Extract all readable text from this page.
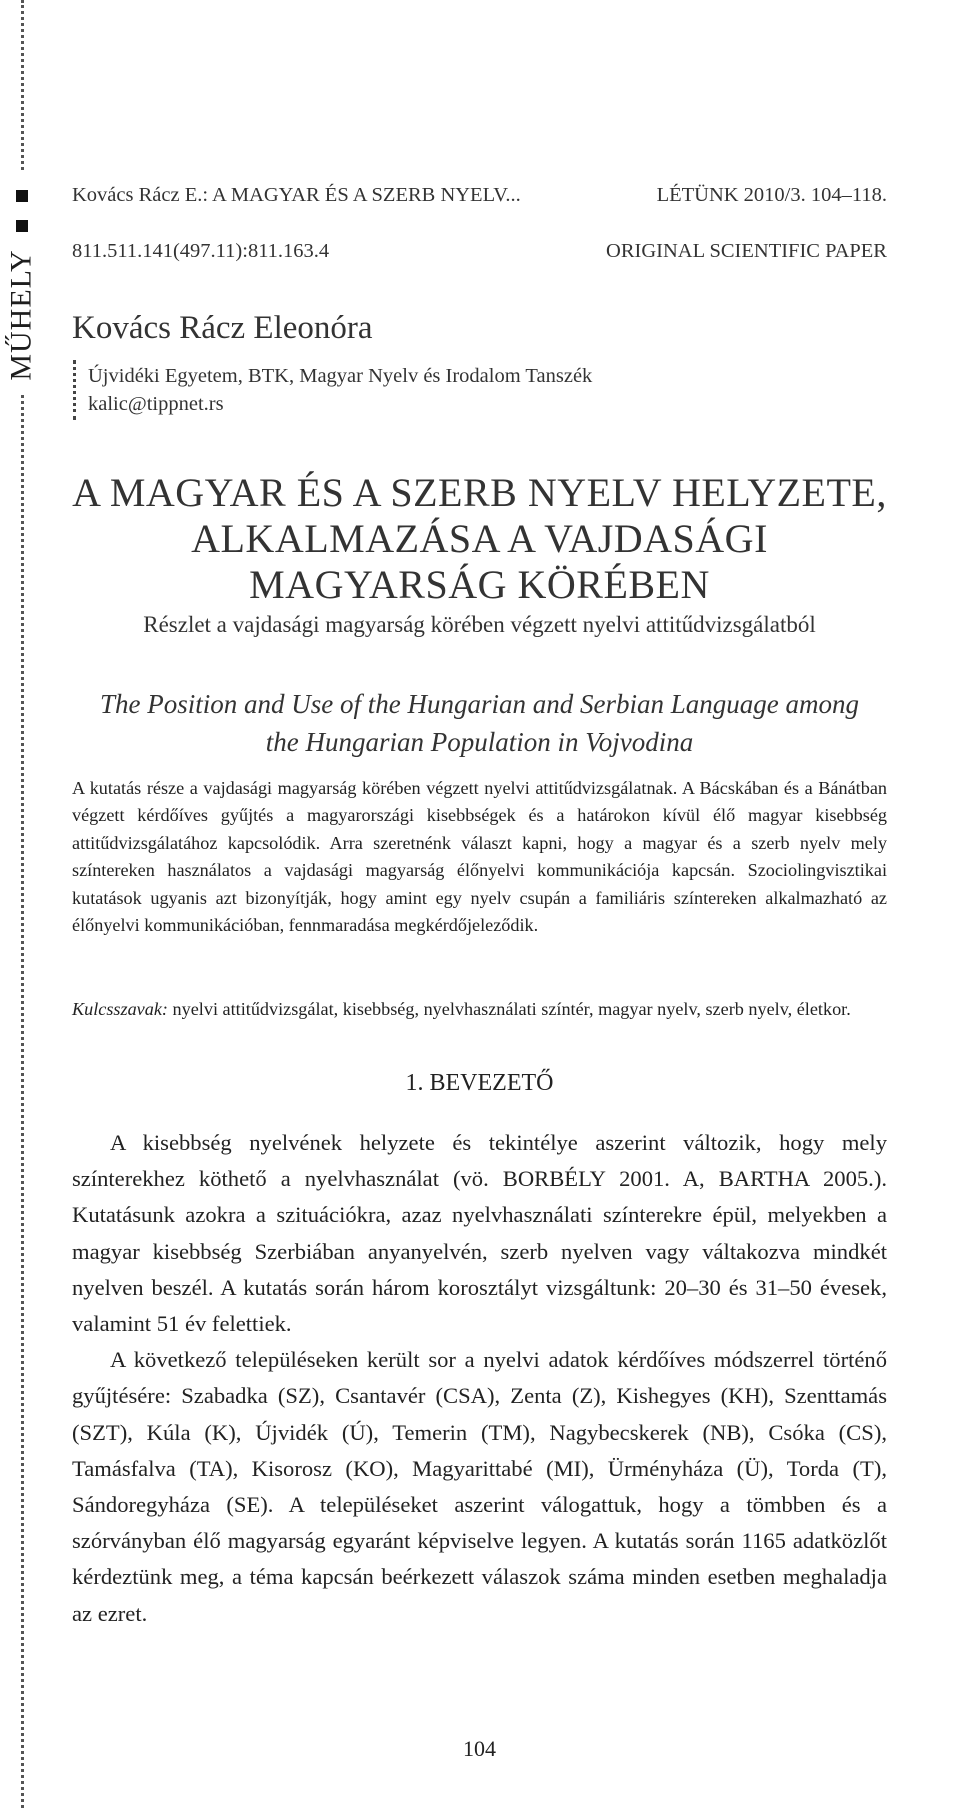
MŰHELY
Kovács Rácz E.: A MAGYAR ÉS A SZERB NYELV...	LÉTÜNK 2010/3. 104–118.
811.511.141(497.11):811.163.4	ORIGINAL SCIENTIFIC PAPER
Kovács Rácz Eleonóra
Újvidéki Egyetem, BTK, Magyar Nyelv és Irodalom Tanszék
kalic@tippnet.rs
A MAGYAR ÉS A SZERB NYELV HELYZETE,
ALKALMAZÁSA A VAJDASÁGI
MAGYARSÁG KÖRÉBEN
Részlet a vajdasági magyarság körében végzett nyelvi attitűdvizsgálatból
The Position and Use of the Hungarian and Serbian Language among
the Hungarian Population in Vojvodina
A kutatás része a vajdasági magyarság körében végzett nyelvi attitűdvizsgálatnak. A Bácskában és a Bánátban végzett kérdőíves gyűjtés a magyarországi kisebbségek és a határokon kívül élő magyar kisebbség attitűdvizsgálatához kapcsolódik. Arra szeretnénk választ kapni, hogy a magyar és a szerb nyelv mely színtereken használatos a vajdasági magyarság élőnyelvi kommunikációja kapcsán. Szociolingvisztikai kutatások ugyanis azt bizonyítják, hogy amint egy nyelv csupán a familiáris színtereken alkalmazható az élőnyelvi kommunikációban, fennmaradása megkérdőjeleződik.
Kulcsszavak: nyelvi attitűdvizsgálat, kisebbség, nyelvhasználati színtér, magyar nyelv, szerb nyelv, életkor.
1. BEVEZETŐ

A kisebbség nyelvének helyzete és tekintélye aszerint változik, hogy mely színterekhez köthető a nyelvhasználat (vö. BORBÉLY 2001. A, BARTHA 2005.). Kutatásunk azokra a szituációkra, azaz nyelvhasználati színterekre épül, melyekben a magyar kisebbség Szerbiában anyanyelvén, szerb nyelven vagy váltakozva mindkét nyelven beszél. A kutatás során három korosztályt vizsgáltunk: 20–30 és 31–50 évesek, valamint 51 év felettiek.

A következő településeken került sor a nyelvi adatok kérdőíves módszerrel történő gyűjtésére: Szabadka (SZ), Csantavér (CSA), Zenta (Z), Kishegyes (KH), Szenttamás (SZT), Kúla (K), Újvidék (Ú), Temerin (TM), Nagybecskerek (NB), Csóka (CS), Tamásfalva (TA), Kisorosz (KO), Magyarittabé (MI), Ürményháza (Ü), Torda (T), Sándoregyháza (SE). A településeket aszerint válogattuk, hogy a tömbben és a szórványban élő magyarság egyaránt képviselve legyen. A kutatás során 1165 adatközlőt kérdeztünk meg, a téma kapcsán beérkezett válaszok száma minden esetben meghaladja az ezret.

104
